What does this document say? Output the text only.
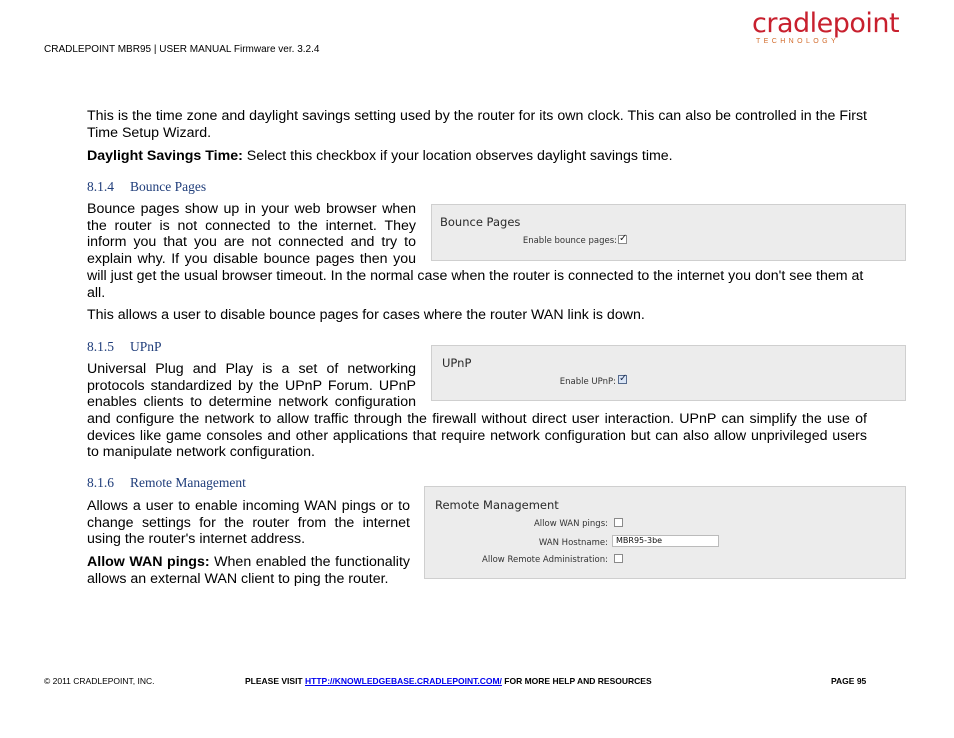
CRADLEPOINT MBR95 | USER MANUAL Firmware ver. 3.2.4
cradlepoint
TECHNOLOGY

This is the time zone and daylight savings setting used by the router for its own clock. This can also be controlled in the First Time Setup Wizard.

Daylight Savings Time: Select this checkbox if your location observes daylight savings time.

8.1.4 Bounce Pages

Bounce pages show up in your web browser when

the router is not connected to the internet. They

inform you that you are not connected and try to

explain why. If you disable bounce pages then you

will just get the usual browser timeout. In the normal case when the router is connected to the internet you don't see them at all.

This allows a user to disable bounce pages for cases where the router WAN link is down.

Bounce Pages
Enable bounce pages: ✓
8.1.5 UPnP

Universal Plug and Play is a set of networking

protocols standardized by the UPnP Forum. UPnP

enables clients to determine network configuration

and configure the network to allow traffic through the firewall without direct user interaction. UPnP can simplify the use of devices like game consoles and other applications that require network configuration but can also allow unprivileged users to manipulate network configuration.

UPnP
Enable UPnP: ✓
8.1.6 Remote Management

Allows a user to enable incoming WAN pings or to change settings for the router from the internet using the router's internet address.

Allow WAN pings: When enabled the functionality allows an external WAN client to ping the router.

Remote Management
Allow WAN pings:
WAN Hostname:	MBR95-3be
Allow Remote Administration:
© 2011 CRADLEPOINT, INC.	PLEASE VISIT HTTP://KNOWLEDGEBASE.CRADLEPOINT.COM/ FOR MORE HELP AND RESOURCES	PAGE 95
